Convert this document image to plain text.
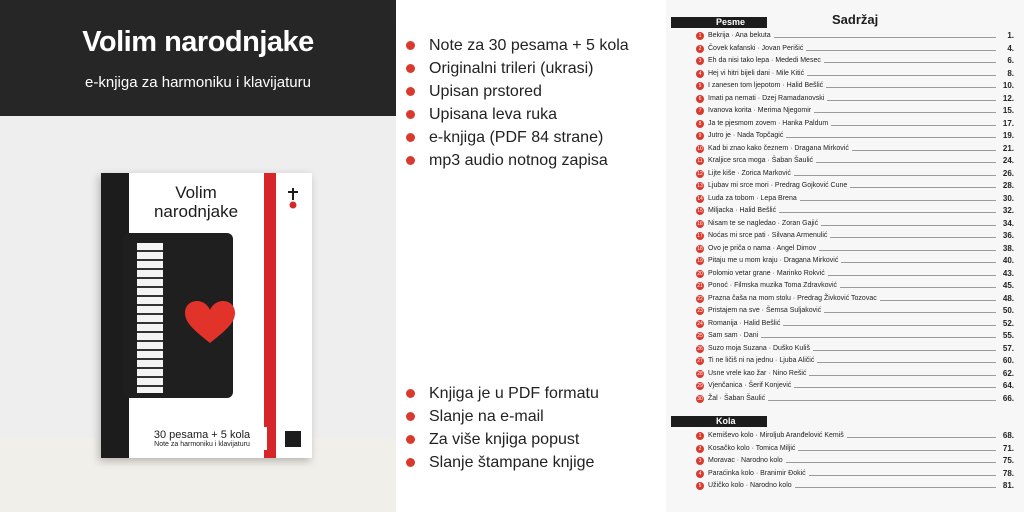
Volim narodnjake
e-knjiga za harmoniku i klavijaturu
Volim narodnjake
internet škola muzike eho
30 pesama + 5 kola
Note za harmoniku i klavijaturu
Note za 30 pesama + 5 kola
Originalni trileri (ukrasi)
Upisan prstored
Upisana leva ruka
e-knjiga (PDF 84 strane)
mp3 audio notnog zapisa
Knjiga je u PDF formatu
Slanje na e-mail
Za više knjiga popust
Slanje štampane knjige
Pesme	Sadržaj
1 Bekrija · Ana bekuta	1.
2 Čovek kafanski · Jovan Perišić	4.
3 Eh da nisi tako lepa · Mededi Mesec	6.
4 Hej vi hitri bijeli dani · Mile Kitić	8.
5 I zanesen tom ljepotom · Halid Bešlić	10.
6 Imati pa nemati · Dzej Ramadanovski	12.
7 Ivanova korita · Merima Njegomir	15.
8 Ja te pjesmom zovem · Hanka Paldum	17.
9 Jutro je · Nada Topčagić	19.
10 Kad bi znao kako čeznem · Dragana Mirković	21.
11 Kraljice srca moga · Šaban Šaulić	24.
12 Lijte kiše · Zorica Marković	26.
13 Ljubav mi srce mori · Predrag Gojković Cune	28.
14 Luda za tobom · Lepa Brena	30.
15 Miljacka · Halid Bešlić	32.
16 Nisam te se nagledao · Zoran Gajić	34.
17 Noćas mi srce pati · Silvana Armenulić	36.
18 Ovo je priča o nama · Angel Dimov	38.
19 Pitaju me u mom kraju · Dragana Mirković	40.
20 Polomio vetar grane · Marinko Rokvić	43.
21 Ponoć · Filmska muzika Toma Zdravković	45.
22 Prazna čaša na mom stolu · Predrag Živković Tozovac	48.
23 Pristajem na sve · Šemsa Suljaković	50.
24 Romanija · Halid Bešlić	52.
25 Sam sam · Dani	55.
26 Suzo moja Suzana · Duško Kuliš	57.
27 Ti ne ličiš ni na jednu · Ljuba Aličić	60.
28 Usne vrele kao žar · Nino Rešić	62.
29 Vjenčanica · Šerif Konjević	64.
30 Žal · Šaban Šaulić	66.
Kola
1 Kemiševo kolo · Miroljub Aranđelović Kemiš	68.
2 Kosačko kolo · Tomica Miljić	71.
3 Moravac · Narodno kolo	75.
4 Paraćinka kolo · Branimir Đokić	78.
5 Užičko kolo · Narodno kolo	81.
